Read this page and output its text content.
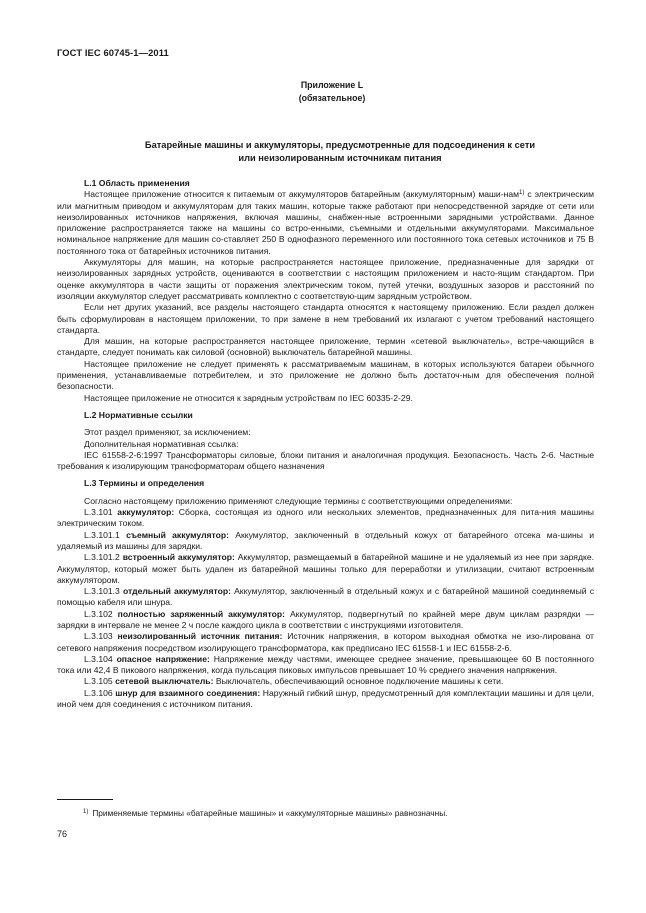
ГОСТ IEC 60745-1—2011
Приложение L
(обязательное)
Батарейные машины и аккумуляторы, предусмотренные для подсоединения к сети
или неизолированным источникам питания
L.1 Область применения

Настоящее приложение относится к питаемым от аккумуляторов батарейным (аккумуляторным) маши-нам$^{1)}$ с электрическим или магнитным приводом и аккумуляторам для таких машин, которые также работают при непосредственной зарядке от сети или неизолированных источников напряжения, включая машины, снабжен-ные встроенными зарядными устройствами. Данное приложение распространяется также на машины со встро-енными, съемными и отдельными аккумуляторами. Максимальное номинальное напряжение для машин со-ставляет 250 В однофазного переменного или постоянного тока сетевых источников и 75 В постоянного тока от батарейных источников питания.

Аккумуляторы для машин, на которые распространяется настоящее приложение, предназначенные для зарядки от неизолированных зарядных устройств, оцениваются в соответствии с настоящим приложением и насто-ящим стандартом. При оценке аккумулятора в части защиты от поражения электрическим током, путей утечки, воздушных зазоров и расстояний по изоляции аккумулятор следует рассматривать комплектно с соответствую-щим зарядным устройством.

Если нет других указаний, все разделы настоящего стандарта относятся к настоящему приложению. Если раздел должен быть сформулирован в настоящем приложении, то при замене в нем требований их излагают с учетом требований настоящего стандарта.

Для машин, на которые распространяется настоящее приложение, термин «сетевой выключатель», встре-чающийся в стандарте, следует понимать как силовой (основной) выключатель батарейной машины.

Настоящее приложение не следует применять к рассматриваемым машинам, в которых используются батареи обычного применения, устанавливаемые потребителем, и это приложение не должно быть достаточ-ным для обеспечения полной безопасности.

Настоящее приложение не относится к зарядным устройствам по IEC 60335-2-29.

L.2 Нормативные ссылки

Этот раздел применяют, за исключением:

Дополнительная нормативная ссылка:

IEC 61558-2-6:1997 Трансформаторы силовые, блоки питания и аналогичная продукция. Безопасность. Часть 2-6. Частные требования к изолирующим трансформаторам общего назначения

L.3 Термины и определения

Согласно настоящему приложению применяют следующие термины с соответствующими определениями:

L.3.101 аккумулятор: Сборка, состоящая из одного или нескольких элементов, предназначенных для пита-ния машины электрическим током.

L.3.101.1 съемный аккумулятор: Аккумулятор, заключенный в отдельный кожух от батарейного отсека ма-шины и удаляемый из машины для зарядки.

L.3.101.2 встроенный аккумулятор: Аккумулятор, размещаемый в батарейной машине и не удаляемый из нее при зарядке. Аккумулятор, который может быть удален из батарейной машины только для переработки и утилизации, считают встроенным аккумулятором.

L.3.101.3 отдельный аккумулятор: Аккумулятор, заключенный в отдельный кожух и с батарейной машиной соединяемый с помощью кабеля или шнура.

L.3.102 полностью заряженный аккумулятор: Аккумулятор, подвергнутый по крайней мере двум циклам разрядки — зарядки в интервале не менее 2 ч после каждого цикла в соответствии с инструкциями изготовителя.

L.3.103 неизолированный источник питания: Источник напряжения, в котором выходная обмотка не изо-лирована от сетевого напряжения посредством изолирующего трансформатора, как предписано IEC 61558-1 и IEC 61558-2-6.

L.3.104 опасное напряжение: Напряжение между частями, имеющее среднее значение, превышающее 60 В постоянного тока или 42,4 В пикового напряжения, когда пульсация пиковых импульсов превышает 10 % среднего значения напряжения.

L.3.105 сетевой выключатель: Выключатель, обеспечивающий основное подключение машины к сети.

L.3.106 шнур для взаимного соединения: Наружный гибкий шнур, предусмотренный для комплектации машины и для цели, иной чем для соединения с источником питания.

$^{1)}$ Применяемые термины «батарейные машины» и «аккумуляторные машины» равнозначны.
76
